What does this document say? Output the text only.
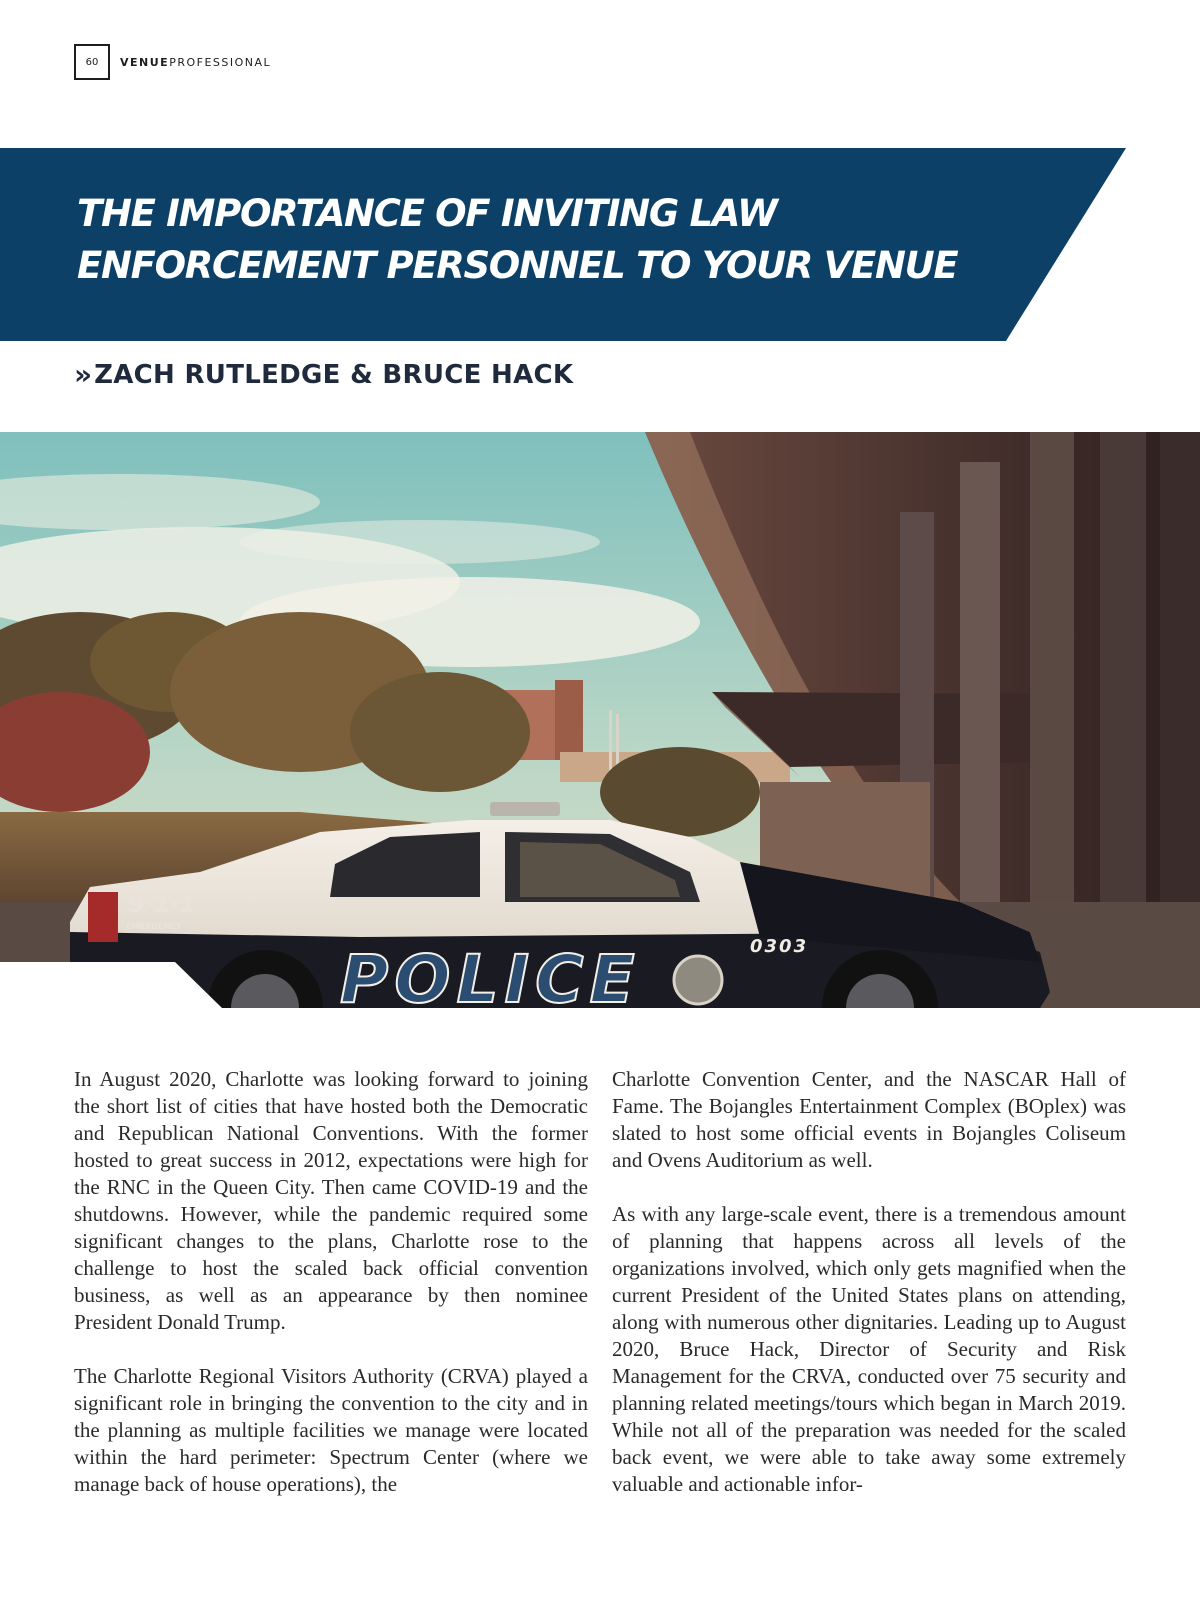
60	VENUEPROFESSIONAL
THE IMPORTANCE OF INVITING LAW
ENFORCEMENT PERSONNEL TO YOUR VENUE
» ZACH RUTLEDGE & BRUCE HACK
9·1·1
EMERGENCY
0303
POLICE

In August 2020, Charlotte was looking forward to joining the short list of cities that have hosted both the Democratic and Republican National Conventions. With the former hosted to great success in 2012, expectations were high for the RNC in the Queen City. Then came COVID-19 and the shutdowns. However, while the pandemic required some significant changes to the plans, Charlotte rose to the challenge to host the scaled back official convention business, as well as an appearance by then nominee President Donald Trump.

The Charlotte Regional Visitors Authority (CRVA) played a significant role in bringing the convention to the city and in the planning as multiple facilities we manage were located within the hard perimeter: Spectrum Center (where we manage back of house operations), the

Charlotte Convention Center, and the NASCAR Hall of Fame. The Bojangles Entertainment Complex (BOplex) was slated to host some official events in Bojangles Coliseum and Ovens Auditorium as well.

As with any large-scale event, there is a tremendous amount of planning that happens across all levels of the organizations involved, which only gets magnified when the current President of the United States plans on attending, along with numerous other dignitaries. Leading up to August 2020, Bruce Hack, Director of Security and Risk Management for the CRVA, conducted over 75 security and planning related meetings/tours which began in March 2019. While not all of the preparation was needed for the scaled back event, we were able to take away some extremely valuable and actionable infor-
